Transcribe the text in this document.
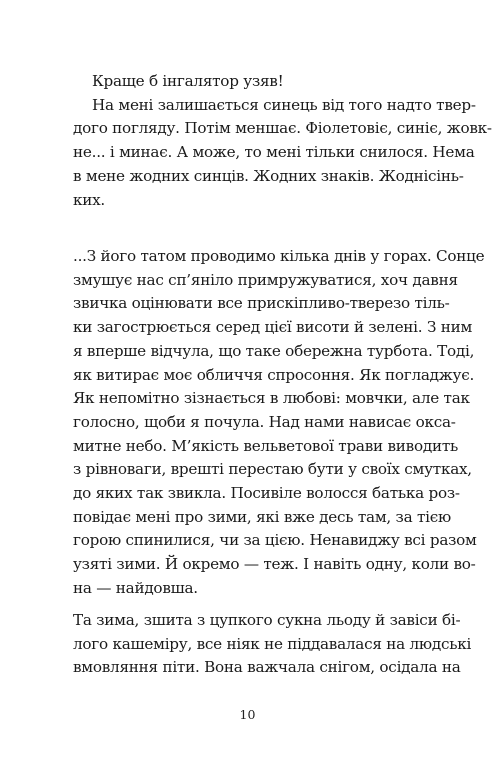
Краще б інгалятор узяв!

На мені залишається синець від того надто твер-
дого погляду. Потім меншає. Фіолетовіє, синіє, жовк-
не... і минає. А може, то мені тільки снилося. Нема
в мене жодних синців. Жодних знаків. Жоднісінь-
ких.

...З його татом проводимо кілька днів у горах. Сонце
змушує нас сп’яніло примружуватися, хоч давня
звичка оцінювати все прискіпливо-тверезо тіль-
ки загострюється серед цієї висоти й зелені. З ним
я вперше відчула, що таке обережна турбота. Тоді,
як витирає моє обличчя спросоння. Як погладжує.
Як непомітно зізнається в любові: мовчки, але так
голосно, щоби я почула. Над нами нависає окса-
митне небо. М’якість вельветової трави виводить
з рівноваги, врешті перестаю бути у своїх смутках,
до яких так звикла. Посивіле волосся батька роз-
повідає мені про зими, які вже десь там, за тією
горою спинилися, чи за цією. Ненавиджу всі разом
узяті зими. Й окремо — теж. І навіть одну, коли во-
на — найдовша.

Та зима, зшита з цупкого сукна льоду й завіси бі-
лого кашеміру, все ніяк не піддавалася на людські
вмовляння піти. Вона важчала снігом, осідала на

10
